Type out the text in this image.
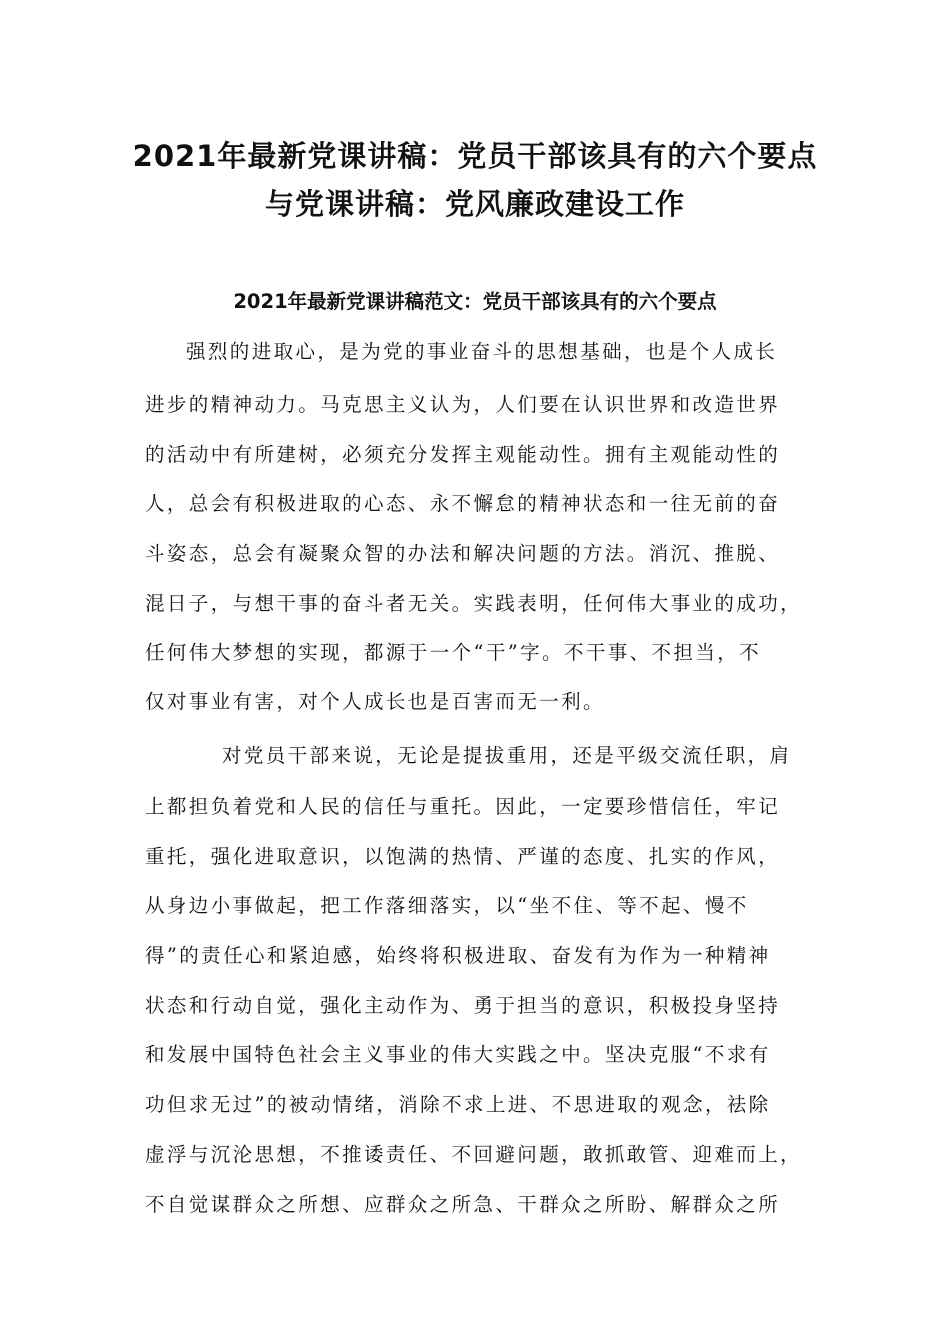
2021年最新党课讲稿：党员干部该具有的六个要点
与党课讲稿：党风廉政建设工作
2021年最新党课讲稿范文：党员干部该具有的六个要点
强烈的进取心，是为党的事业奋斗的思想基础，也是个人成长
进步的精神动力。马克思主义认为，人们要在认识世界和改造世界
的活动中有所建树，必须充分发挥主观能动性。拥有主观能动性的
人，总会有积极进取的心态、永不懈怠的精神状态和一往无前的奋
斗姿态，总会有凝聚众智的办法和解决问题的方法。消沉、推脱、
混日子，与想干事的奋斗者无关。实践表明，任何伟大事业的成功，
任何伟大梦想的实现，都源于一个“干”字。不干事、不担当，不
仅对事业有害，对个人成长也是百害而无一利。
对党员干部来说，无论是提拔重用，还是平级交流任职，肩
上都担负着党和人民的信任与重托。因此，一定要珍惜信任，牢记
重托，强化进取意识，以饱满的热情、严谨的态度、扎实的作风，
从身边小事做起，把工作落细落实，以“坐不住、等不起、慢不
得”的责任心和紧迫感，始终将积极进取、奋发有为作为一种精神
状态和行动自觉，强化主动作为、勇于担当的意识，积极投身坚持
和发展中国特色社会主义事业的伟大实践之中。坚决克服“不求有
功但求无过”的被动情绪，消除不求上进、不思进取的观念，祛除
虚浮与沉沦思想，不推诿责任、不回避问题，敢抓敢管、迎难而上，
不自觉谋群众之所想、应群众之所急、干群众之所盼、解群众之所
